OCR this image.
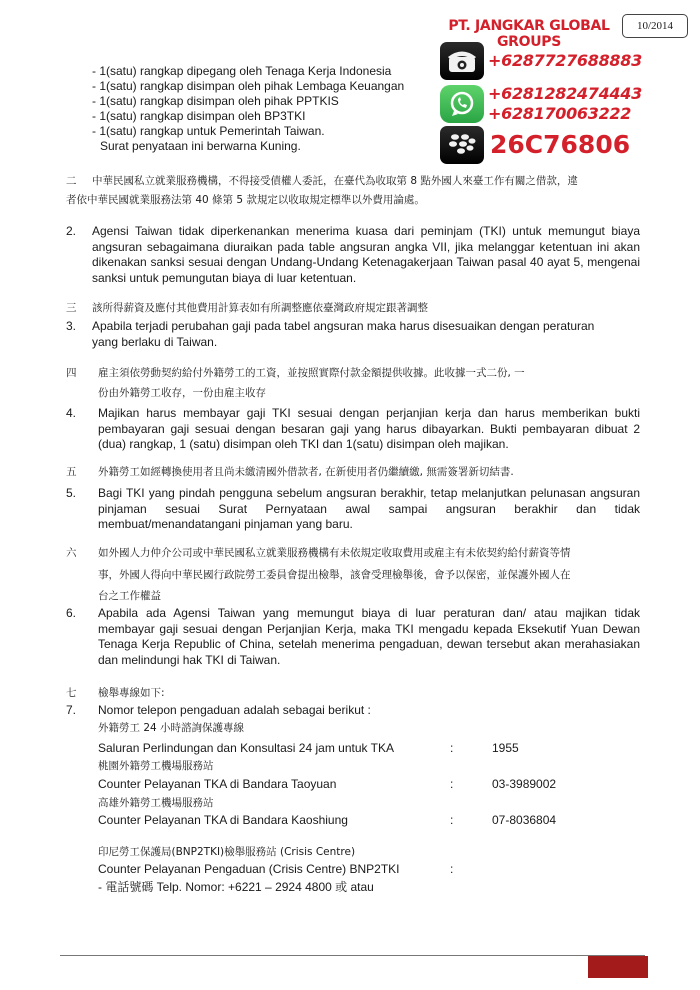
10/2014
PT. JANGKAR GLOBAL GROUPS
+6287727688883
+6281282474443
+628170063222
26C76806
- 1(satu) rangkap dipegang oleh Tenaga Kerja Indonesia
- 1(satu) rangkap disimpan oleh pihak Lembaga Keuangan
- 1(satu) rangkap disimpan oleh pihak PPTKIS
- 1(satu) rangkap disimpan oleh BP3TKI
- 1(satu) rangkap untuk Pemerintah Taiwan.
Surat penyataan ini berwarna Kuning.
二 中華民國私立就業服務機構，不得接受債權人委託，在臺代為收取第 8 點外國人來臺工作有關之借款，違
者依中華民國就業服務法第 40 條第 5 款規定以收取規定標準以外費用論處。
2. Agensi Taiwan tidak diperkenankan menerima kuasa dari peminjam (TKI) untuk memungut biaya angsuran sebagaimana diuraikan pada table angsuran angka VII, jika melanggar ketentuan ini akan dikenakan sanksi sesuai dengan Undang-Undang Ketenagakerjaan Taiwan pasal 40 ayat 5, mengenai sanksi untuk pemungutan biaya di luar ketentuan.
三 該所得薪資及應付其他費用計算表如有所調整應依臺灣政府規定跟著調整
3. Apabila terjadi perubahan gaji pada tabel angsuran maka harus disesuaikan dengan peraturan
yang berlaku di Taiwan.
四 雇主須依勞動契約給付外籍勞工的工資，並按照實際付款金額提供收據。此收據一式二份, 一
份由外籍勞工收存，一份由雇主收存
4. Majikan harus membayar gaji TKI sesuai dengan perjanjian kerja dan harus memberikan bukti pembayaran gaji sesuai dengan besaran gaji yang harus dibayarkan. Bukti pembayaran dibuat 2 (dua) rangkap, 1 (satu) disimpan oleh TKI dan 1(satu) disimpan oleh majikan.
五 外籍勞工如經轉換使用者且尚未繳清國外借款者, 在新使用者仍繼續繳, 無需簽署新切結書.
5. Bagi TKI yang pindah pengguna sebelum angsuran berakhir, tetap melanjutkan pelunasan angsuran pinjaman sesuai Surat Pernyataan awal sampai angsuran berakhir dan tidak membuat/menandatangani pinjaman yang baru.
六 如外國人力仲介公司或中華民國私立就業服務機構有未依規定收取費用或雇主有未依契約給付薪資等情
事，外國人得向中華民國行政院勞工委員會提出檢舉，該會受理檢舉後，會予以保密，並保護外國人在
台之工作權益
6. Apabila ada Agensi Taiwan yang memungut biaya di luar peraturan dan/ atau majikan tidak membayar gaji sesuai dengan Perjanjian Kerja, maka TKI mengadu kepada Eksekutif Yuan Dewan Tenaga Kerja Republic of China, setelah menerima pengaduan, dewan tersebut akan merahasiakan dan melindungi hak TKI di Taiwan.
七 檢舉專線如下:
7. Nomor telepon pengaduan adalah sebagai berikut :
外籍勞工 24 小時諮詢保護專線
Saluran Perlindungan dan Konsultasi 24 jam untuk TKA	:	1955
桃園外籍勞工機場服務站
Counter Pelayanan TKA di Bandara Taoyuan	:	03-3989002
高雄外籍勞工機場服務站
Counter Pelayanan TKA di Bandara Kaoshiung	:	07-8036804
印尼勞工保護局(BNP2TKI)檢舉服務站 (Crisis Centre)
Counter Pelayanan Pengaduan (Crisis Centre) BNP2TKI	:
- 電話號碼 Telp. Nomor: +6221 – 2924 4800 或 atau
